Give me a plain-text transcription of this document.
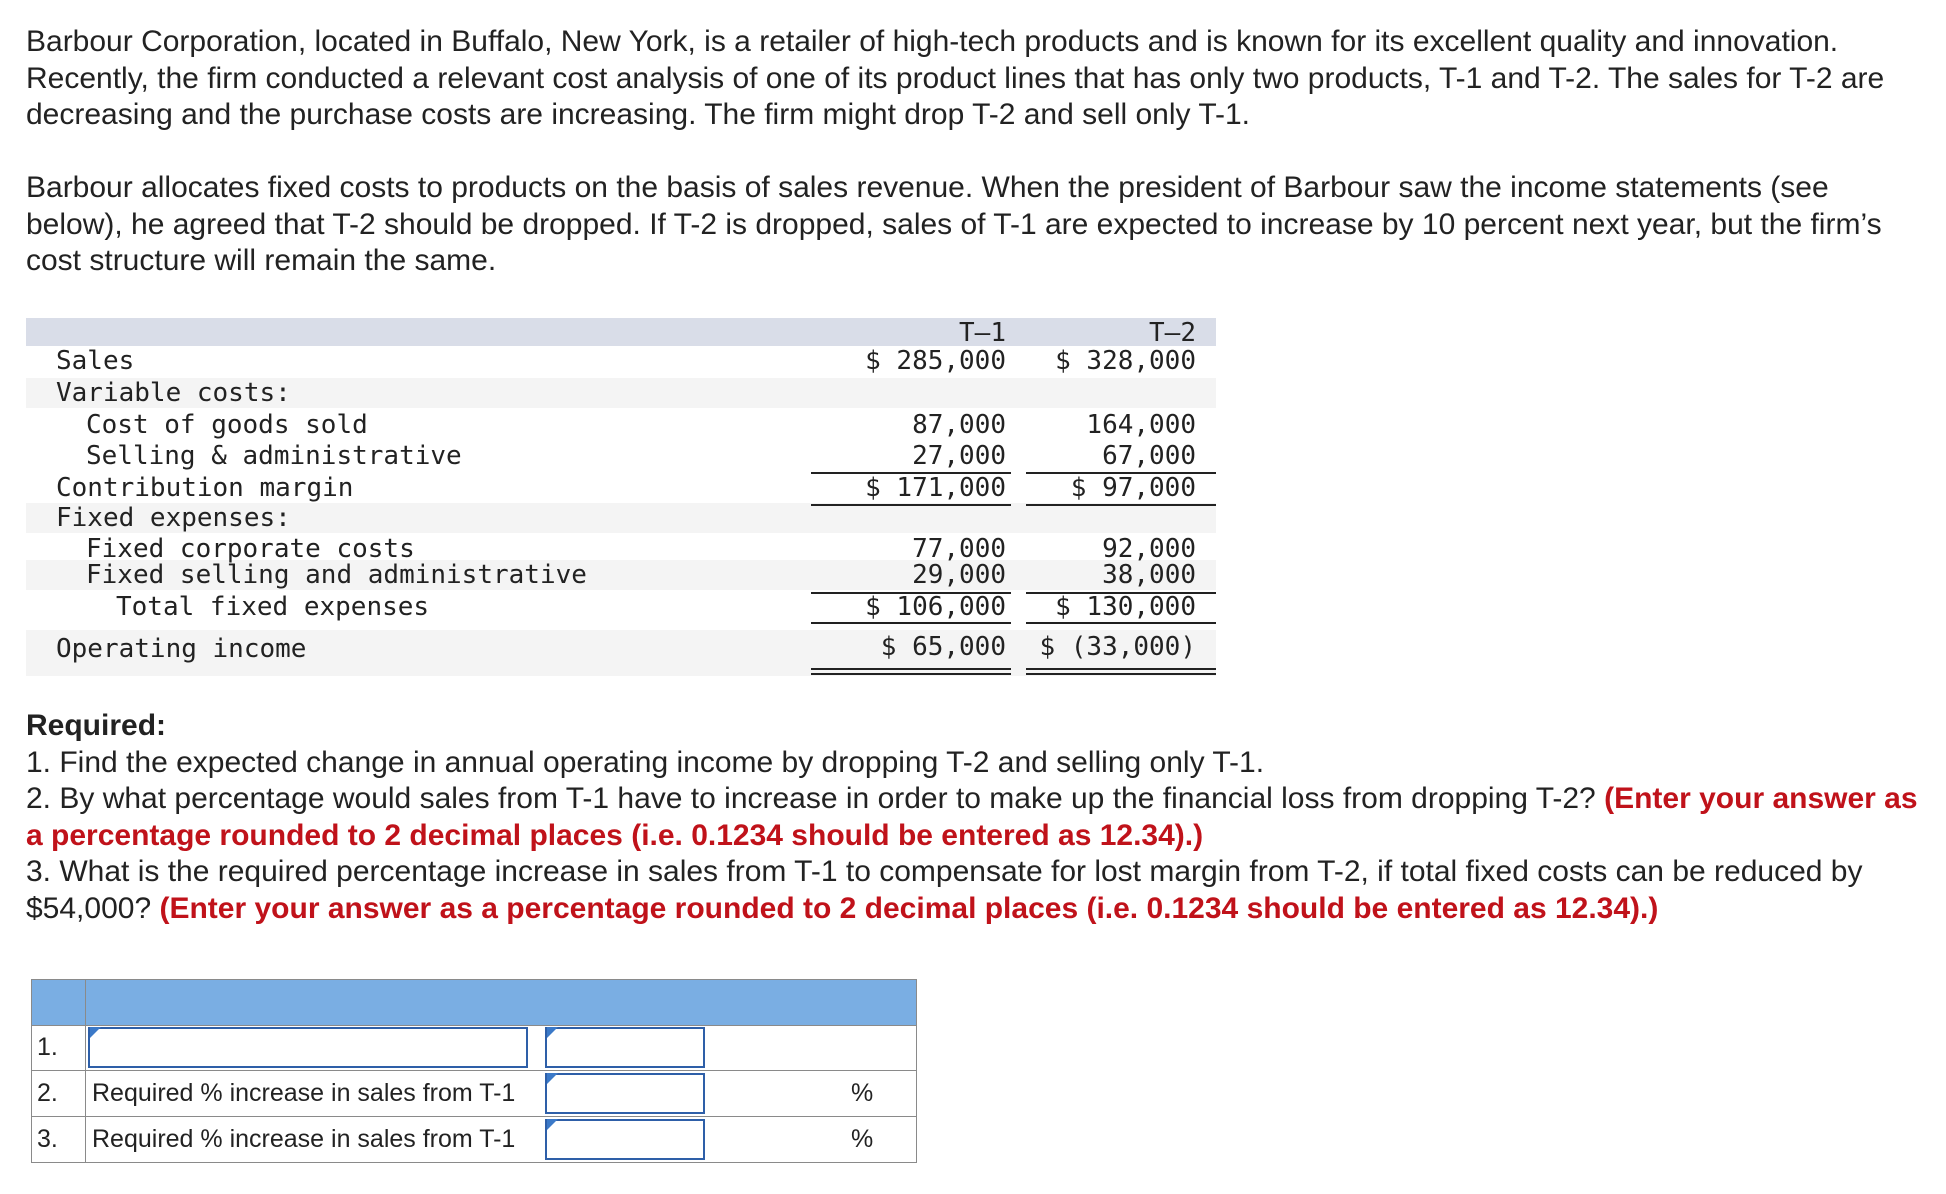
Barbour Corporation, located in Buffalo, New York, is a retailer of high-tech products and is known for its excellent quality and innovation. Recently, the firm conducted a relevant cost analysis of one of its product lines that has only two products, T-1 and T-2. The sales for T-2 are decreasing and the purchase costs are increasing. The firm might drop T-2 and sell only T-1.

Barbour allocates fixed costs to products on the basis of sales revenue. When the president of Barbour saw the income statements (see below), he agreed that T-2 should be dropped. If T-2 is dropped, sales of T-1 are expected to increase by 10 percent next year, but the firm’s cost structure will remain the same.

T–1	T–2
Sales	$ 285,000 $ 328,000
Variable costs:
Cost of goods sold	87,000	164,000
Selling & administrative	27,000	67,000
Contribution margin	$ 171,000 $ 97,000
Fixed expenses:
Fixed corporate costs	77,000	92,000
Fixed selling and administrative	29,000	38,000
Total fixed expenses	$ 106,000 $ 130,000
Operating income	$ 65,000 $ (33,000)
Required:
1. Find the expected change in annual operating income by dropping T-2 and selling only T-1.
2. By what percentage would sales from T-1 have to increase in order to make up the financial loss from dropping T-2? (Enter your answer as a percentage rounded to 2 decimal places (i.e. 0.1234 should be entered as 12.34).)
3. What is the required percentage increase in sales from T-1 to compensate for lost margin from T-2, if total fixed costs can be reduced by $54,000? (Enter your answer as a percentage rounded to 2 decimal places (i.e. 0.1234 should be entered as 12.34).)
1.
2. Required % increase in sales from T-1	%
3. Required % increase in sales from T-1	%
